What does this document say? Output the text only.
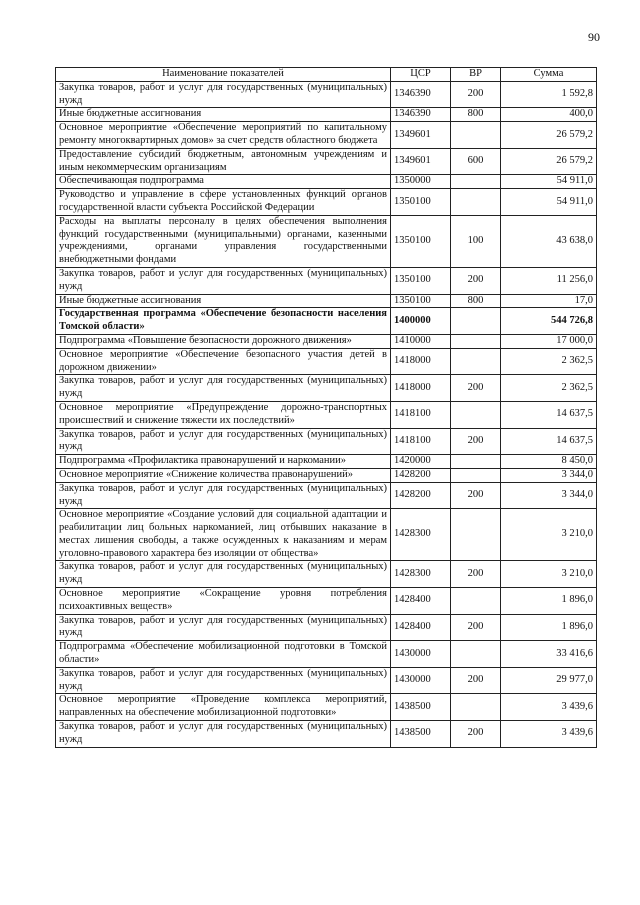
90
Наименование показателей	ЦСР	ВР	Сумма
Закупка товаров, работ и услуг для государственных (муниципальных) нужд	1346390	200	1 592,8
Иные бюджетные ассигнования	1346390	800	400,0
Основное мероприятие «Обеспечение мероприятий по капитальному ремонту многоквартирных домов» за счет средств областного бюджета	1349601		26 579,2
Предоставление субсидий бюджетным, автономным учреждениям и иным некоммерческим организациям	1349601	600	26 579,2
Обеспечивающая подпрограмма	1350000		54 911,0
Руководство и управление в сфере установленных функций органов государственной власти субъекта Российской Федерации	1350100		54 911,0
Расходы на выплаты персоналу в целях обеспечения выполнения функций государственными (муниципальными) органами, казенными учреждениями, органами управления государственными внебюджетными фондами	1350100	100	43 638,0
Закупка товаров, работ и услуг для государственных (муниципальных) нужд	1350100	200	11 256,0
Иные бюджетные ассигнования	1350100	800	17,0
Государственная программа «Обеспечение безопасности населения Томской области»	1400000		544 726,8
Подпрограмма «Повышение безопасности дорожного движения»	1410000		17 000,0
Основное мероприятие «Обеспечение безопасного участия детей в дорожном движении»	1418000		2 362,5
Закупка товаров, работ и услуг для государственных (муниципальных) нужд	1418000	200	2 362,5
Основное мероприятие «Предупреждение дорожно-транспортных происшествий и снижение тяжести их последствий»	1418100		14 637,5
Закупка товаров, работ и услуг для государственных (муниципальных) нужд	1418100	200	14 637,5
Подпрограмма «Профилактика правонарушений и наркомании»	1420000		8 450,0
Основное мероприятие «Снижение количества правонарушений»	1428200		3 344,0
Закупка товаров, работ и услуг для государственных (муниципальных) нужд	1428200	200	3 344,0
Основное мероприятие «Создание условий для социальной адаптации и реабилитации лиц больных наркоманией, лиц отбывших наказание в местах лишения свободы, а также осужденных к наказаниям и мерам уголовно-правового характера без изоляции от общества»	1428300		3 210,0
Закупка товаров, работ и услуг для государственных (муниципальных) нужд	1428300	200	3 210,0
Основное мероприятие «Сокращение уровня потребления психоактивных веществ»	1428400		1 896,0
Закупка товаров, работ и услуг для государственных (муниципальных) нужд	1428400	200	1 896,0
Подпрограмма «Обеспечение мобилизационной подготовки в Томской области»	1430000		33 416,6
Закупка товаров, работ и услуг для государственных (муниципальных) нужд	1430000	200	29 977,0
Основное мероприятие «Проведение комплекса мероприятий, направленных на обеспечение мобилизационной подготовки»	1438500		3 439,6
Закупка товаров, работ и услуг для государственных (муниципальных) нужд	1438500	200	3 439,6
